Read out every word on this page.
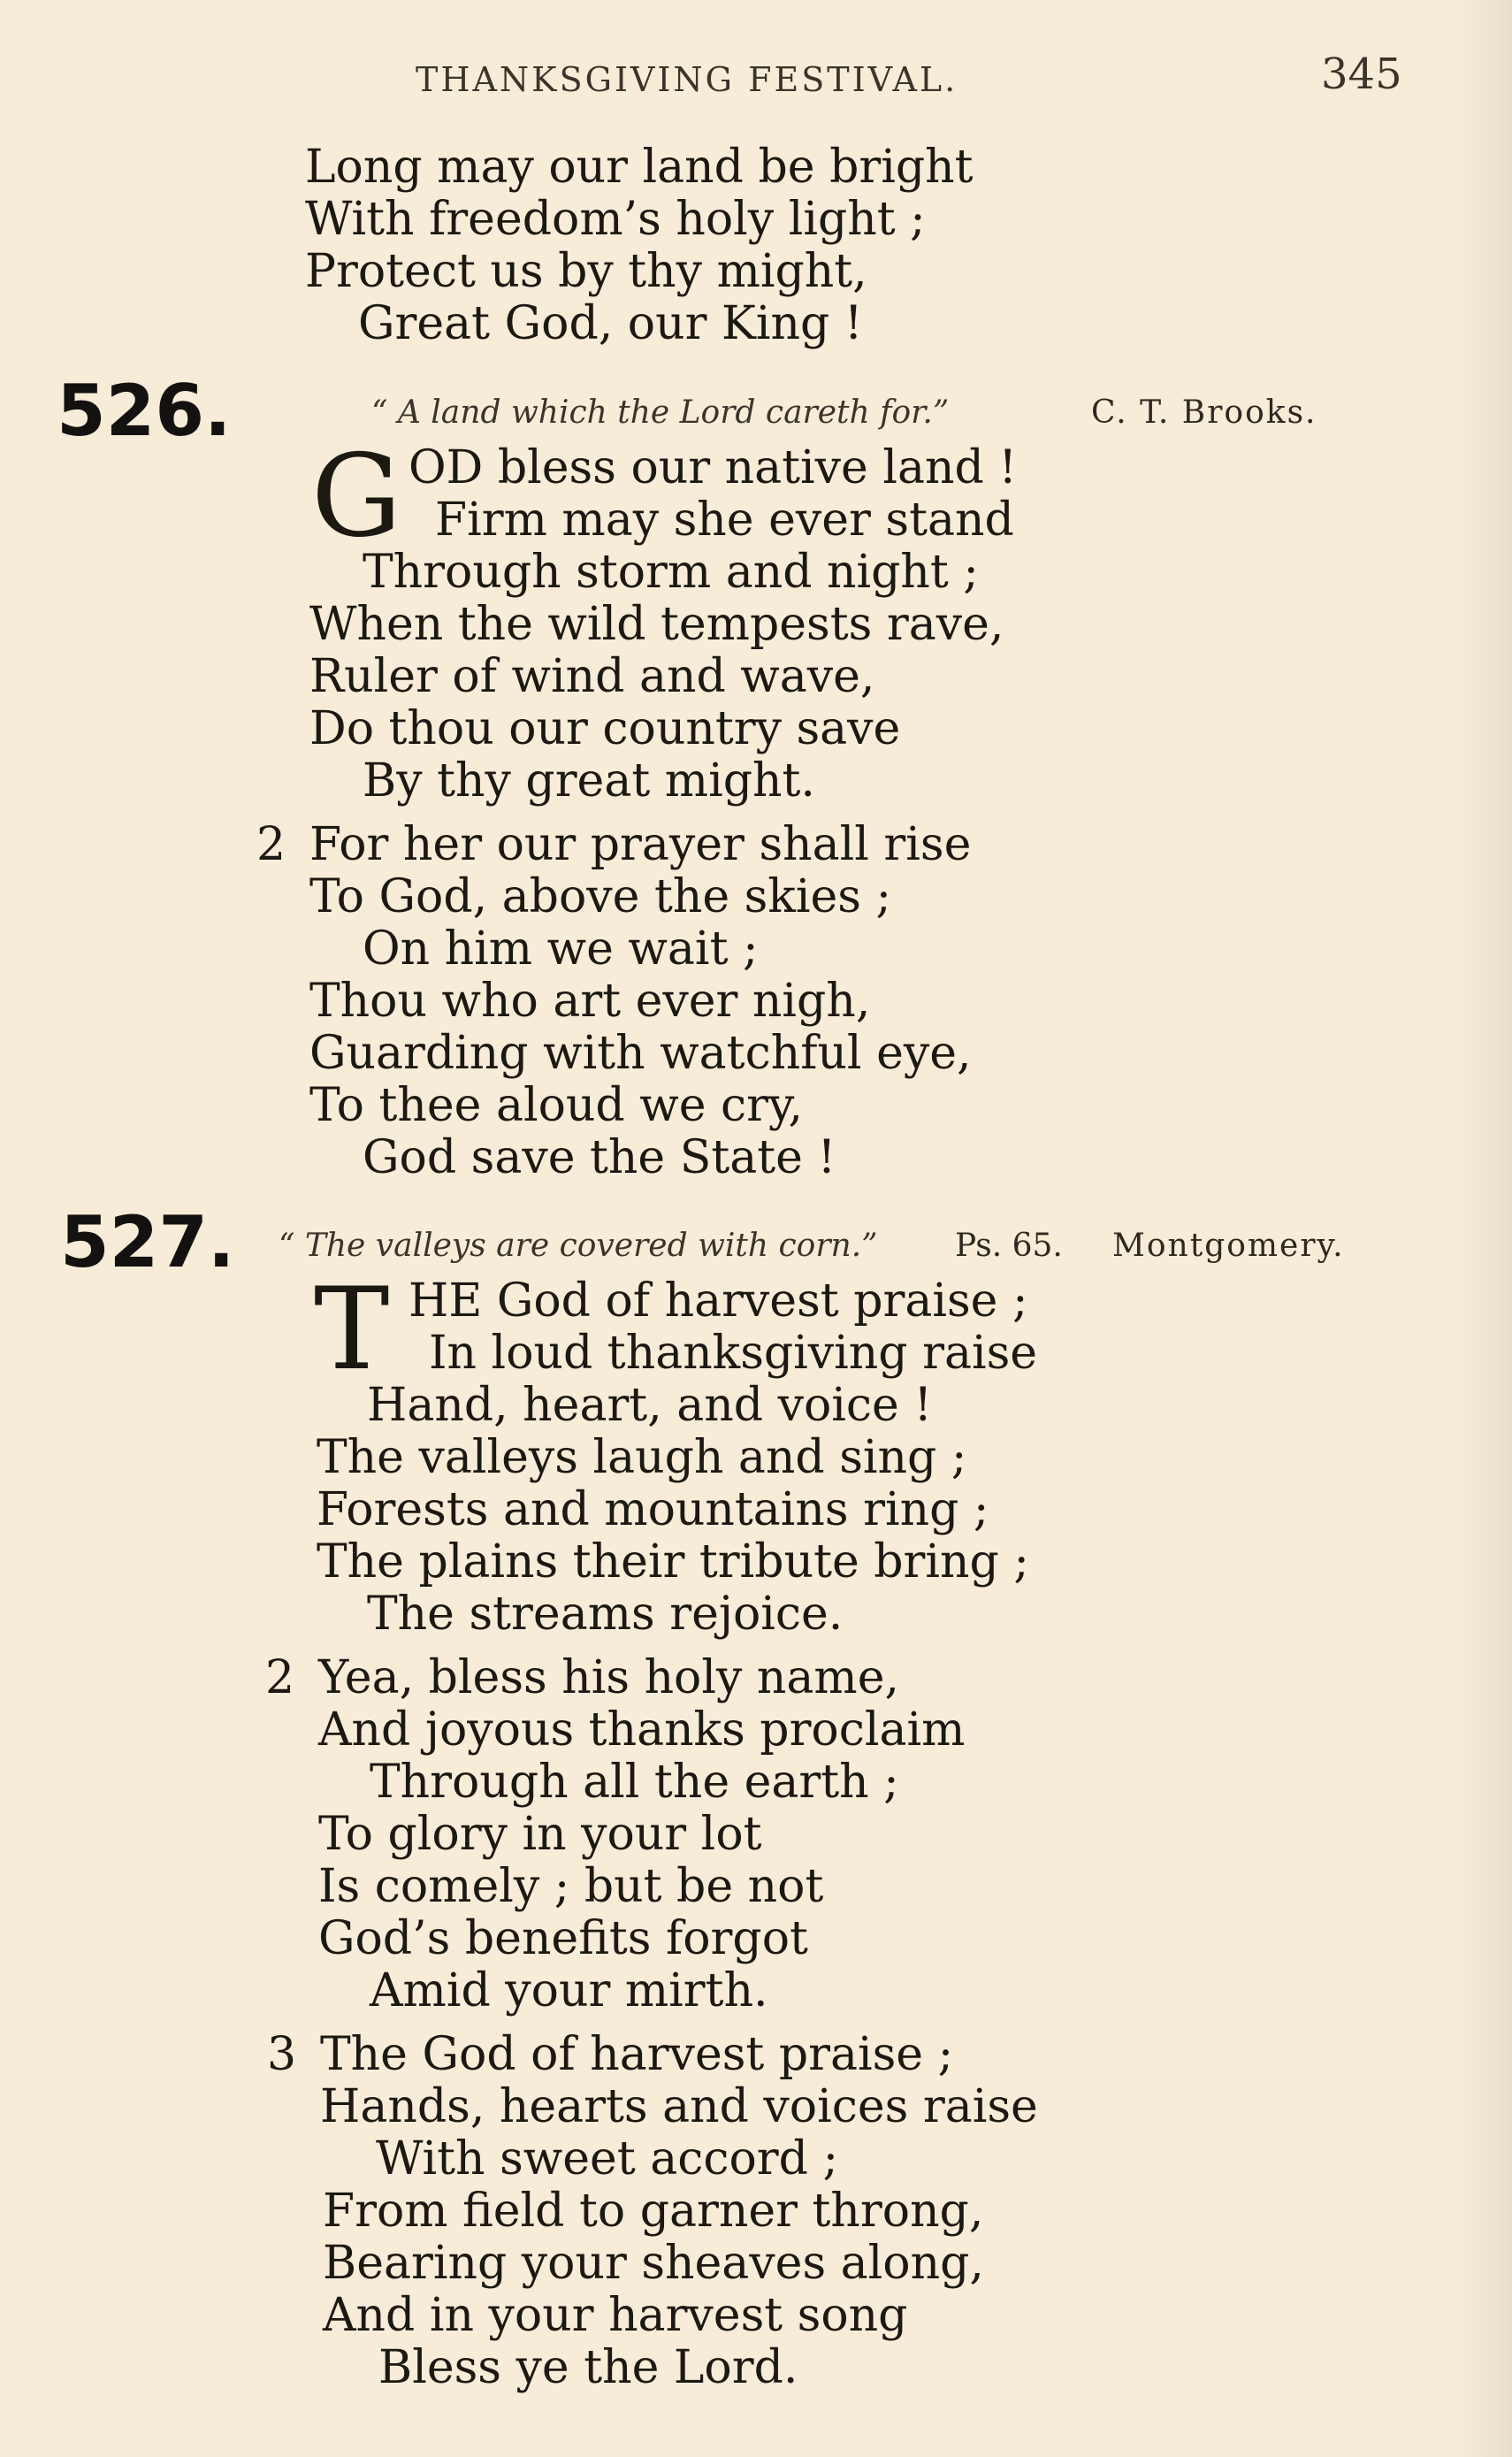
THANKSGIVING FESTIVAL.	345
Long may our land be bright
With freedom’s holy light ;
Protect us by thy might,
Great God, our King !
526.	“ A land which the Lord careth for.”	C. T. Brooks.
G OD bless our native land !
Firm may she ever stand
Through storm and night ;
When the wild tempests rave,
Ruler of wind and wave,
Do thou our country save
By thy great might.
2 For her our prayer shall rise
To God, above the skies ;
On him we wait ;
Thou who art ever nigh,
Guarding with watchful eye,
To thee aloud we cry,
God save the State !
527. “ The valleys are covered with corn.” Ps. 65. Montgomery.
T HE God of harvest praise ;
In loud thanksgiving raise
Hand, heart, and voice !
The valleys laugh and sing ;
Forests and mountains ring ;
The plains their tribute bring ;
The streams rejoice.
2 Yea, bless his holy name,
And joyous thanks proclaim
Through all the earth ;
To glory in your lot
Is comely ; but be not
God’s benefits forgot
Amid your mirth.
3 The God of harvest praise ;
Hands, hearts and voices raise
With sweet accord ;
From field to garner throng,
Bearing your sheaves along,
And in your harvest song
Bless ye the Lord.
